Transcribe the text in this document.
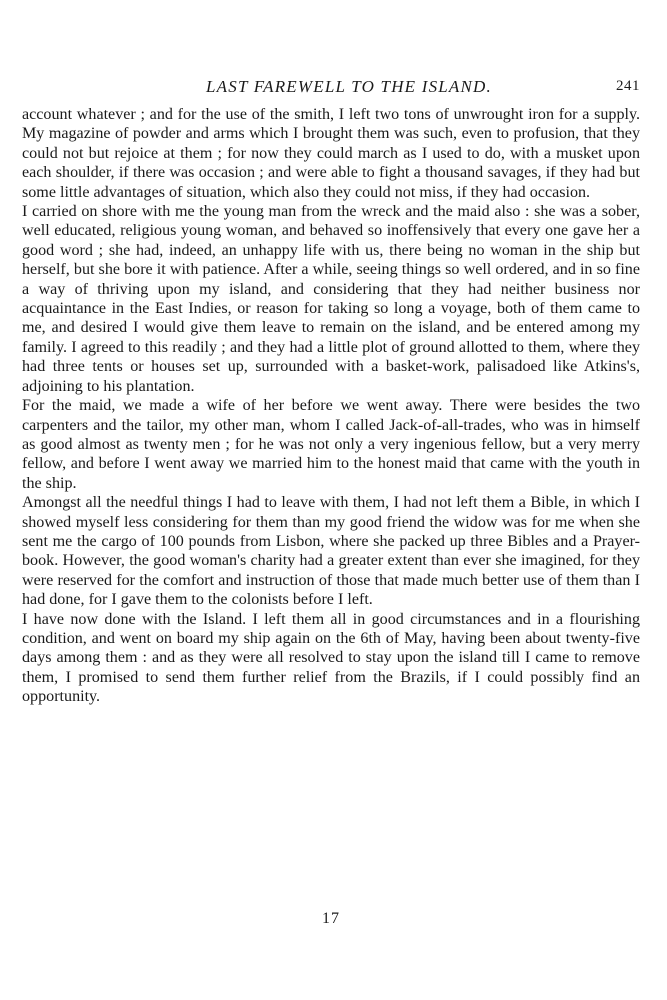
LAST FAREWELL TO THE ISLAND.	241

account whatever ; and for the use of the smith, I left two tons of unwrought iron for a supply. My magazine of powder and arms which I brought them was such, even to profusion, that they could not but rejoice at them ; for now they could march as I used to do, with a musket upon each shoulder, if there was occasion ; and were able to fight a thousand savages, if they had but some little advantages of situation, which also they could not miss, if they had occasion.

I carried on shore with me the young man from the wreck and the maid also : she was a sober, well educated, religious young woman, and behaved so inoffensively that every one gave her a good word ; she had, indeed, an unhappy life with us, there being no woman in the ship but herself, but she bore it with patience. After a while, seeing things so well ordered, and in so fine a way of thriving upon my island, and considering that they had neither business nor acquaintance in the East Indies, or reason for taking so long a voyage, both of them came to me, and desired I would give them leave to remain on the island, and be entered among my family. I agreed to this readily ; and they had a little plot of ground allotted to them, where they had three tents or houses set up, surrounded with a basket-work, palisadoed like Atkins's, adjoining to his plantation.

For the maid, we made a wife of her before we went away. There were besides the two carpenters and the tailor, my other man, whom I called Jack-of-all-trades, who was in himself as good almost as twenty men ; for he was not only a very ingenious fellow, but a very merry fellow, and before I went away we married him to the honest maid that came with the youth in the ship.

Amongst all the needful things I had to leave with them, I had not left them a Bible, in which I showed myself less considering for them than my good friend the widow was for me when she sent me the cargo of 100 pounds from Lisbon, where she packed up three Bibles and a Prayer-book. However, the good woman's charity had a greater extent than ever she imagined, for they were reserved for the comfort and instruction of those that made much better use of them than I had done, for I gave them to the colonists before I left.

I have now done with the Island. I left them all in good circumstances and in a flourishing condition, and went on board my ship again on the 6th of May, having been about twenty-five days among them : and as they were all resolved to stay upon the island till I came to remove them, I promised to send them further relief from the Brazils, if I could possibly find an opportunity.

17
